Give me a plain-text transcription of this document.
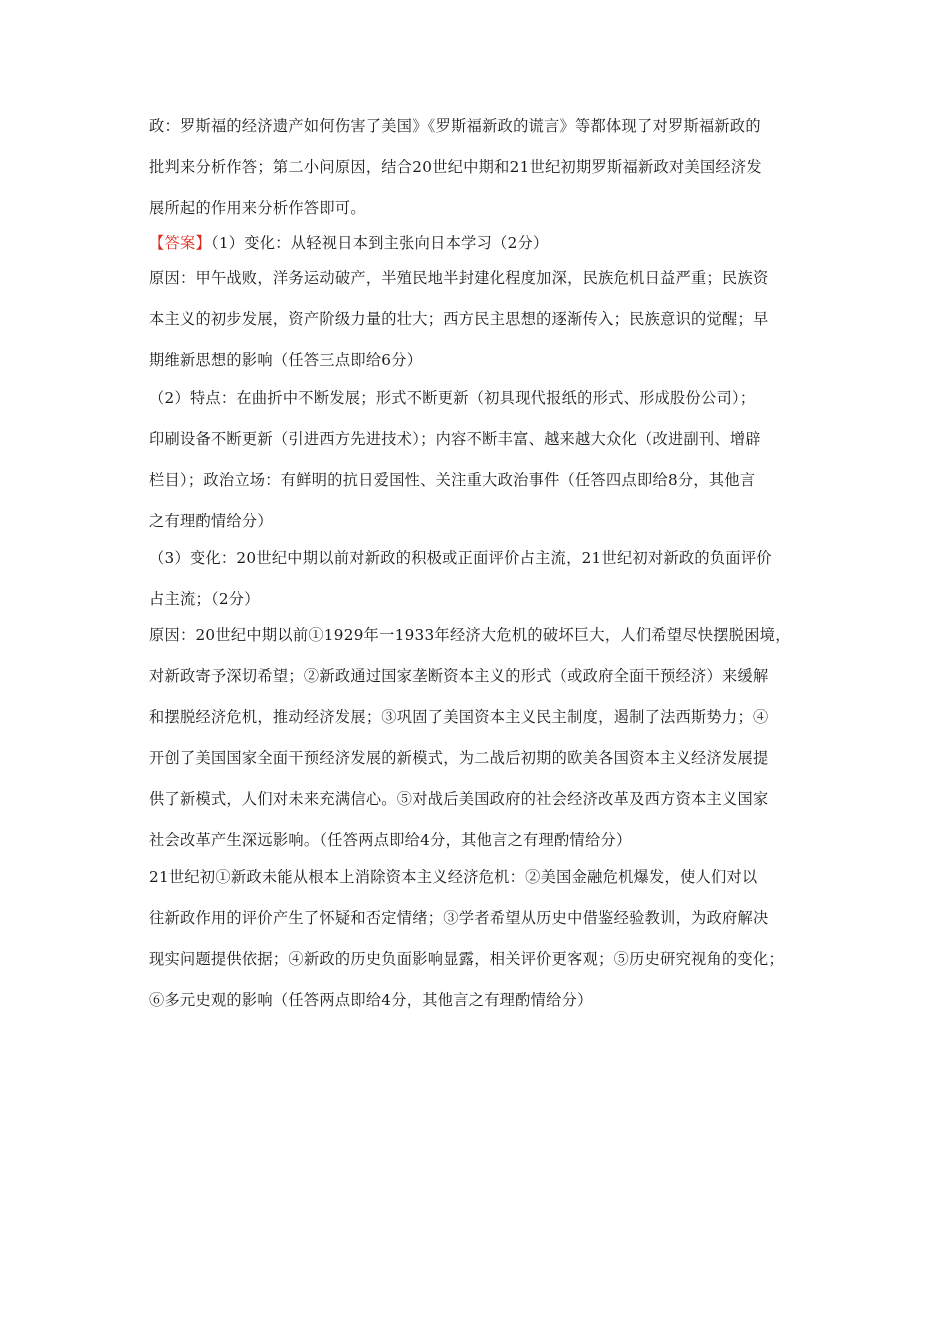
政：罗斯福的经济遗产如何伤害了美国》《罗斯福新政的谎言》等都体现了对罗斯福新政的
批判来分析作答；第二小问原因，结合20世纪中期和21世纪初期罗斯福新政对美国经济发
展所起的作用来分析作答即可。
【答案】（1）变化：从轻视日本到主张向日本学习（2分）
原因：甲午战败，洋务运动破产，半殖民地半封建化程度加深，民族危机日益严重；民族资
本主义的初步发展，资产阶级力量的壮大；西方民主思想的逐渐传入；民族意识的觉醒；早
期维新思想的影响（任答三点即给6分）
（2）特点：在曲折中不断发展；形式不断更新（初具现代报纸的形式、形成股份公司）；
印刷设备不断更新（引进西方先进技术）；内容不断丰富、越来越大众化（改进副刊、增辟
栏目）；政治立场：有鲜明的抗日爱国性、关注重大政治事件（任答四点即给8分，其他言
之有理酌情给分）
（3）变化：20世纪中期以前对新政的积极或正面评价占主流，21世纪初对新政的负面评价
占主流；（2分）
原因：20世纪中期以前①1929年一1933年经济大危机的破坏巨大，人们希望尽快摆脱困境，
对新政寄予深切希望；②新政通过国家垄断资本主义的形式（或政府全面干预经济）来缓解
和摆脱经济危机，推动经济发展；③巩固了美国资本主义民主制度，遏制了法西斯势力；④
开创了美国国家全面干预经济发展的新模式，为二战后初期的欧美各国资本主义经济发展提
供了新模式，人们对未来充满信心。⑤对战后美国政府的社会经济改革及西方资本主义国家
社会改革产生深远影响。（任答两点即给4分，其他言之有理酌情给分）
21世纪初①新政未能从根本上消除资本主义经济危机：②美国金融危机爆发，使人们对以
往新政作用的评价产生了怀疑和否定情绪；③学者希望从历史中借鉴经验教训，为政府解决
现实问题提供依据；④新政的历史负面影响显露，相关评价更客观；⑤历史研究视角的变化；
⑥多元史观的影响（任答两点即给4分，其他言之有理酌情给分）
